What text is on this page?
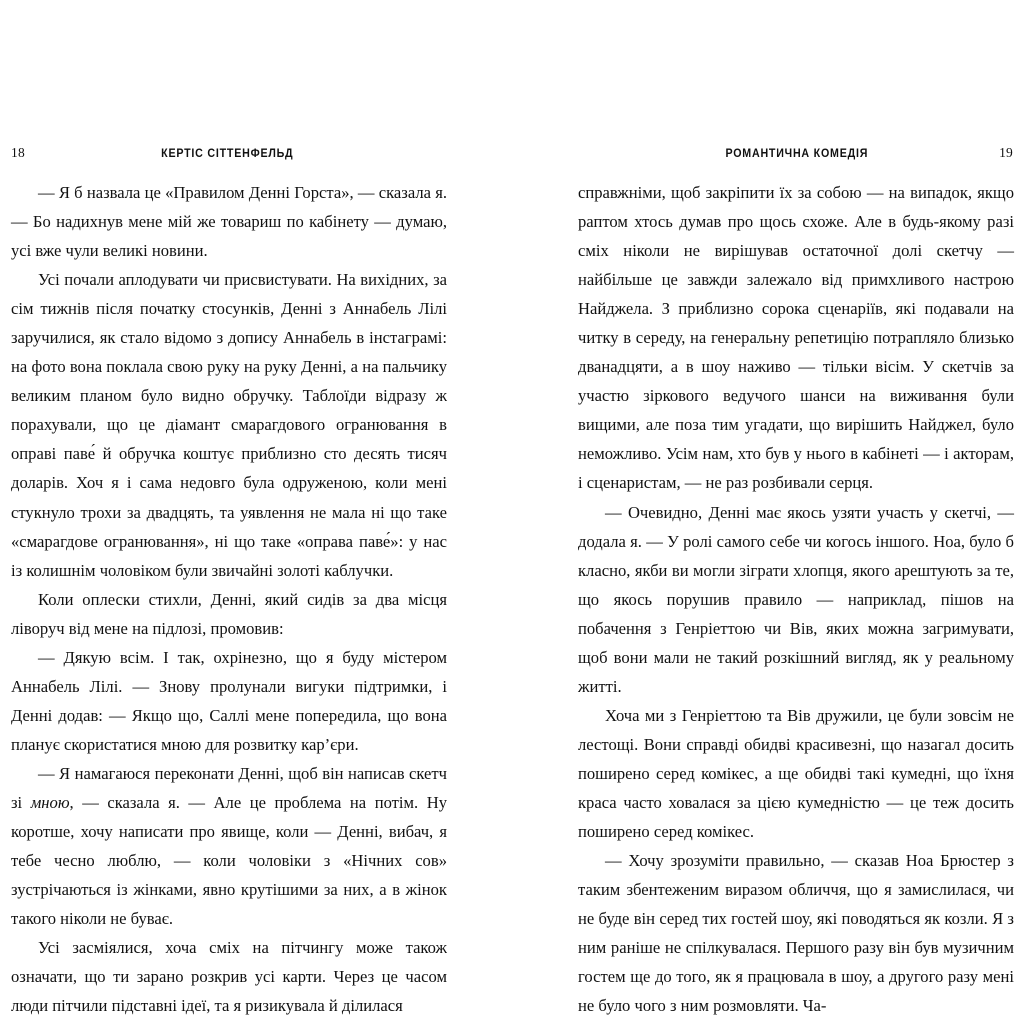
18	КЕРТІС СІТТЕНФЕЛЬД

— Я б назвала це «Правилом Денні Горста», — сказала я. — Бо надихнув мене мій же товариш по кабінету — думаю, усі вже чули великі новини.

Усі почали аплодувати чи присвистувати. На вихідних, за сім тижнів після початку стосунків, Денні з Аннабель Лілі заручилися, як стало відомо з допису Аннабель в інстаграмі: на фото вона поклала свою руку на руку Денні, а на пальчику великим планом було видно обручку. Таблоїди відразу ж порахували, що це діамант смарагдового огранювання в оправі паве́ й обручка коштує приблизно сто десять тисяч доларів. Хоч я і сама недовго була одруженою, коли мені стукнуло трохи за двадцять, та уявлення не мала ні що таке «смарагдове огранювання», ні що таке «оправа паве́»: у нас із колишнім чоловіком були звичайні золоті каблучки.

Коли оплески стихли, Денні, який сидів за два місця ліворуч від мене на підлозі, промовив:

— Дякую всім. І так, охрінезно, що я буду містером Аннабель Лілі. — Знову пролунали вигуки підтримки, і Денні додав: — Якщо що, Саллі мене попередила, що вона планує скористатися мною для розвитку кар’єри.

— Я намагаюся переконати Денні, щоб він написав скетч зі мною, — сказала я. — Але це проблема на потім. Ну коротше, хочу написати про явище, коли — Денні, вибач, я тебе чесно люблю, — коли чоловіки з «Нічних сов» зустрічаються із жінками, явно крутішими за них, а в жінок такого ніколи не буває.

Усі засміялися, хоча сміх на пітчингу може також означати, що ти зарано розкрив усі карти. Через це часом люди пітчили підставні ідеї, та я ризикувала й ділилася

РОМАНТИЧНА КОМЕДІЯ	19

справжніми, щоб закріпити їх за собою — на випадок, якщо раптом хтось думав про щось схоже. Але в будь-якому разі сміх ніколи не вирішував остаточної долі скетчу — найбільше це завжди залежало від примхливого настрою Найджела. З приблизно сорока сценаріїв, які подавали на читку в середу, на генеральну репетицію потрапляло близько дванадцяти, а в шоу наживо — тільки вісім. У скетчів за участю зіркового ведучого шанси на виживання були вищими, але поза тим угадати, що вирішить Найджел, було неможливо. Усім нам, хто був у нього в кабінеті — і акторам, і сценаристам, — не раз розбивали серця.

— Очевидно, Денні має якось узяти участь у скетчі, — додала я. — У ролі самого себе чи когось іншого. Ноа, було б класно, якби ви могли зіграти хлопця, якого арештують за те, що якось порушив правило — наприклад, пішов на побачення з Генріеттою чи Вів, яких можна загримувати, щоб вони мали не такий розкішний вигляд, як у реальному житті.

Хоча ми з Генріеттою та Вів дружили, це були зовсім не лестощі. Вони справді обидві красивезні, що назагал досить поширено серед комікес, а ще обидві такі кумедні, що їхня краса часто ховалася за цією кумедністю — це теж досить поширено серед комікес.

— Хочу зрозуміти правильно, — сказав Ноа Брюстер з таким збентеженим виразом обличчя, що я замислилася, чи не буде він серед тих гостей шоу, які поводяться як козли. Я з ним раніше не спілкувалася. Першого разу він був музичним гостем ще до того, як я працювала в шоу, а другого разу мені не було чого з ним розмовляти. Ча-
